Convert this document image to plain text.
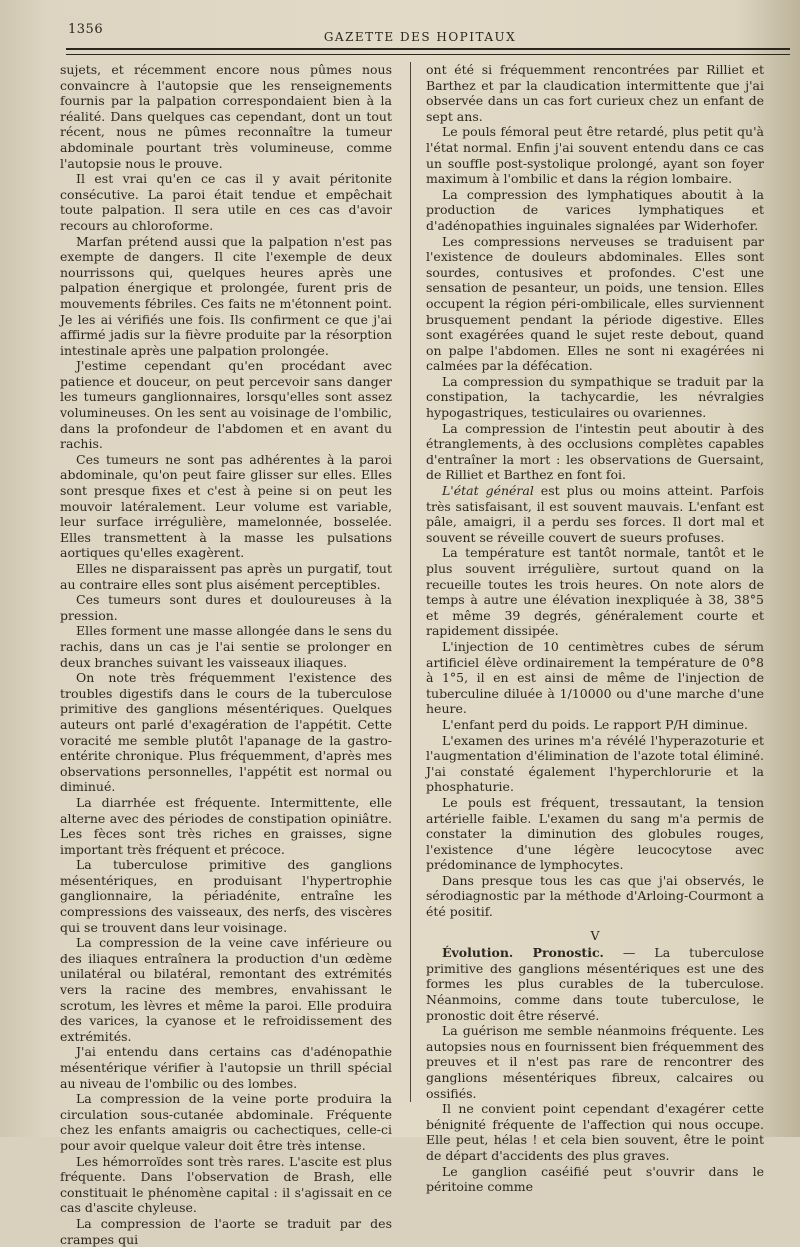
1356	GAZETTE DES HOPITAUX

sujets, et récemment encore nous pûmes nous convaincre à l'autopsie que les renseignements fournis par la palpation correspondaient bien à la réalité. Dans quelques cas cependant, dont un tout récent, nous ne pûmes reconnaître la tumeur abdominale pourtant très volumineuse, comme l'autopsie nous le prouve.

Il est vrai qu'en ce cas il y avait péritonite consécutive. La paroi était tendue et empêchait toute palpation. Il sera utile en ces cas d'avoir recours au chloroforme.

Marfan prétend aussi que la palpation n'est pas exempte de dangers. Il cite l'exemple de deux nourrissons qui, quelques heures après une palpation énergique et prolongée, furent pris de mouvements fébriles. Ces faits ne m'étonnent point. Je les ai vérifiés une fois. Ils confirment ce que j'ai affirmé jadis sur la fièvre produite par la résorption intestinale après une palpation prolongée.

J'estime cependant qu'en procédant avec patience et douceur, on peut percevoir sans danger les tumeurs ganglionnaires, lorsqu'elles sont assez volumineuses. On les sent au voisinage de l'ombilic, dans la profondeur de l'abdomen et en avant du rachis.

Ces tumeurs ne sont pas adhérentes à la paroi abdominale, qu'on peut faire glisser sur elles. Elles sont presque fixes et c'est à peine si on peut les mouvoir latéralement. Leur volume est variable, leur surface irrégulière, mamelonnée, bosselée. Elles transmettent à la masse les pulsations aortiques qu'elles exagèrent.

Elles ne disparaissent pas après un purgatif, tout au contraire elles sont plus aisément perceptibles.

Ces tumeurs sont dures et douloureuses à la pression.

Elles forment une masse allongée dans le sens du rachis, dans un cas je l'ai sentie se prolonger en deux branches suivant les vaisseaux iliaques.

On note très fréquemment l'existence des troubles digestifs dans le cours de la tuberculose primitive des ganglions mésentériques. Quelques auteurs ont parlé d'exagération de l'appétit. Cette voracité me semble plutôt l'apanage de la gastro-entérite chronique. Plus fréquemment, d'après mes observations personnelles, l'appétit est normal ou diminué.

La diarrhée est fréquente. Intermittente, elle alterne avec des périodes de constipation opiniâtre. Les fèces sont très riches en graisses, signe important très fréquent et précoce.

La tuberculose primitive des ganglions mésentériques, en produisant l'hypertrophie ganglionnaire, la périadénite, entraîne les compressions des vaisseaux, des nerfs, des viscères qui se trouvent dans leur voisinage.

La compression de la veine cave inférieure ou des iliaques entraînera la production d'un œdème unilatéral ou bilatéral, remontant des extrémités vers la racine des membres, envahissant le scrotum, les lèvres et même la paroi. Elle produira des varices, la cyanose et le refroidissement des extrémités.

J'ai entendu dans certains cas d'adénopathie mésentérique vérifier à l'autopsie un thrill spécial au niveau de l'ombilic ou des lombes.

La compression de la veine porte produira la circulation sous-cutanée abdominale. Fréquente chez les enfants amaigris ou cachectiques, celle-ci pour avoir quelque valeur doit être très intense.

Les hémorroïdes sont très rares. L'ascite est plus fréquente. Dans l'observation de Brash, elle constituait le phénomène capital : il s'agissait en ce cas d'ascite chyleuse.

La compression de l'aorte se traduit par des crampes qui

ont été si fréquemment rencontrées par Rilliet et Barthez et par la claudication intermittente que j'ai observée dans un cas fort curieux chez un enfant de sept ans.

Le pouls fémoral peut être retardé, plus petit qu'à l'état normal. Enfin j'ai souvent entendu dans ce cas un souffle post-systolique prolongé, ayant son foyer maximum à l'ombilic et dans la région lombaire.

La compression des lymphatiques aboutit à la production de varices lymphatiques et d'adénopathies inguinales signalées par Widerhofer.

Les compressions nerveuses se traduisent par l'existence de douleurs abdominales. Elles sont sourdes, contusives et profondes. C'est une sensation de pesanteur, un poids, une tension. Elles occupent la région péri-ombilicale, elles surviennent brusquement pendant la période digestive. Elles sont exagérées quand le sujet reste debout, quand on palpe l'abdomen. Elles ne sont ni exagérées ni calmées par la défécation.

La compression du sympathique se traduit par la constipation, la tachycardie, les névralgies hypogastriques, testiculaires ou ovariennes.

La compression de l'intestin peut aboutir à des étranglements, à des occlusions complètes capables d'entraîner la mort : les observations de Guersaint, de Rilliet et Barthez en font foi.

L'état général est plus ou moins atteint. Parfois très satisfaisant, il est souvent mauvais. L'enfant est pâle, amaigri, il a perdu ses forces. Il dort mal et souvent se réveille couvert de sueurs profuses.

La température est tantôt normale, tantôt et le plus souvent irrégulière, surtout quand on la recueille toutes les trois heures. On note alors de temps à autre une élévation inexpliquée à 38, 38°5 et même 39 degrés, généralement courte et rapidement dissipée.

L'injection de 10 centimètres cubes de sérum artificiel élève ordinairement la température de 0°8 à 1°5, il en est ainsi de même de l'injection de tuberculine diluée à 1/10000 ou d'une marche d'une heure.

L'enfant perd du poids. Le rapport P/H diminue.

L'examen des urines m'a révélé l'hyperazoturie et l'augmentation d'élimination de l'azote total éliminé. J'ai constaté également l'hyperchlorurie et la phosphaturie.

Le pouls est fréquent, tressautant, la tension artérielle faible. L'examen du sang m'a permis de constater la diminution des globules rouges, l'existence d'une légère leucocytose avec prédominance de lymphocytes.

Dans presque tous les cas que j'ai observés, le sérodiagnostic par la méthode d'Arloing-Courmont a été positif.

V

Évolution. Pronostic. — La tuberculose primitive des ganglions mésentériques est une des formes les plus curables de la tuberculose. Néanmoins, comme dans toute tuberculose, le pronostic doit être réservé.

La guérison me semble néanmoins fréquente. Les autopsies nous en fournissent bien fréquemment des preuves et il n'est pas rare de rencontrer des ganglions mésentériques fibreux, calcaires ou ossifiés.

Il ne convient point cependant d'exagérer cette bénignité fréquente de l'affection qui nous occupe. Elle peut, hélas ! et cela bien souvent, être le point de départ d'accidents des plus graves.

Le ganglion caséifié peut s'ouvrir dans le péritoine comme
